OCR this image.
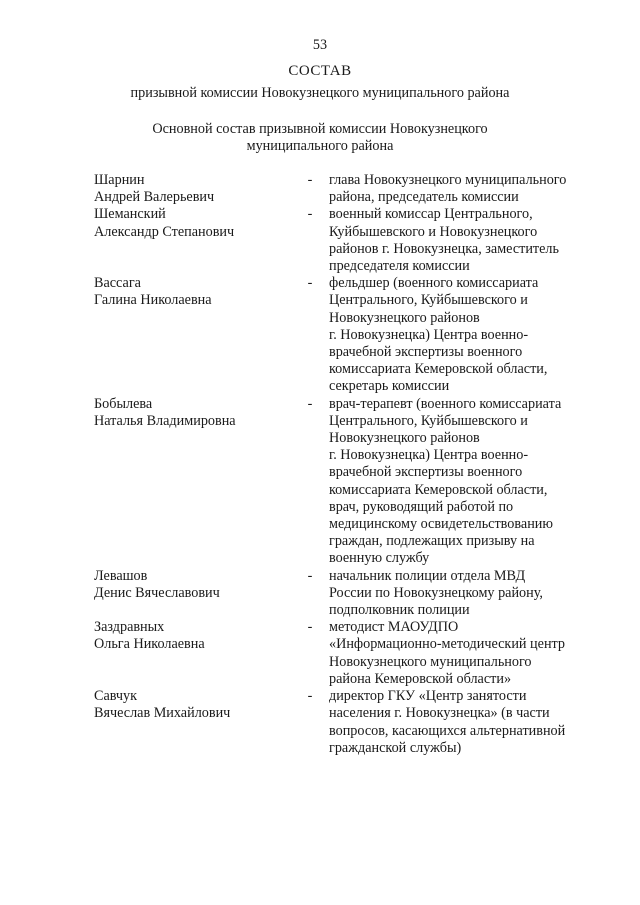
53
СОСТАВ
призывной комиссии Новокузнецкого муниципального района
Основной состав призывной комиссии Новокузнецкого
муниципального района
Шарнин
Андрей Валерьевич
- глава Новокузнецкого муниципального
района, председатель комиссии
Шеманский
Александр Степанович
- военный комиссар Центрального,
Куйбышевского и Новокузнецкого
районов г. Новокузнецка, заместитель
председателя комиссии
Вассага
Галина Николаевна
- фельдшер (военного комиссариата
Центрального, Куйбышевского и
Новокузнецкого районов
г. Новокузнецка) Центра военно-
врачебной экспертизы военного
комиссариата Кемеровской области,
секретарь комиссии
Бобылева
Наталья Владимировна
- врач-терапевт (военного комиссариата
Центрального, Куйбышевского и
Новокузнецкого районов
г. Новокузнецка) Центра военно-
врачебной экспертизы военного
комиссариата Кемеровской области,
врач, руководящий работой по
медицинскому освидетельствованию
граждан, подлежащих призыву на
военную службу
Левашов
Денис Вячеславович
- начальник полиции отдела МВД
России по Новокузнецкому району,
подполковник полиции
Заздравных
Ольга Николаевна
- методист МАОУДПО
«Информационно-методический центр
Новокузнецкого муниципального
района Кемеровской области»
Савчук
Вячеслав Михайлович
- директор ГКУ «Центр занятости
населения г. Новокузнецка» (в части
вопросов, касающихся альтернативной
гражданской службы)
